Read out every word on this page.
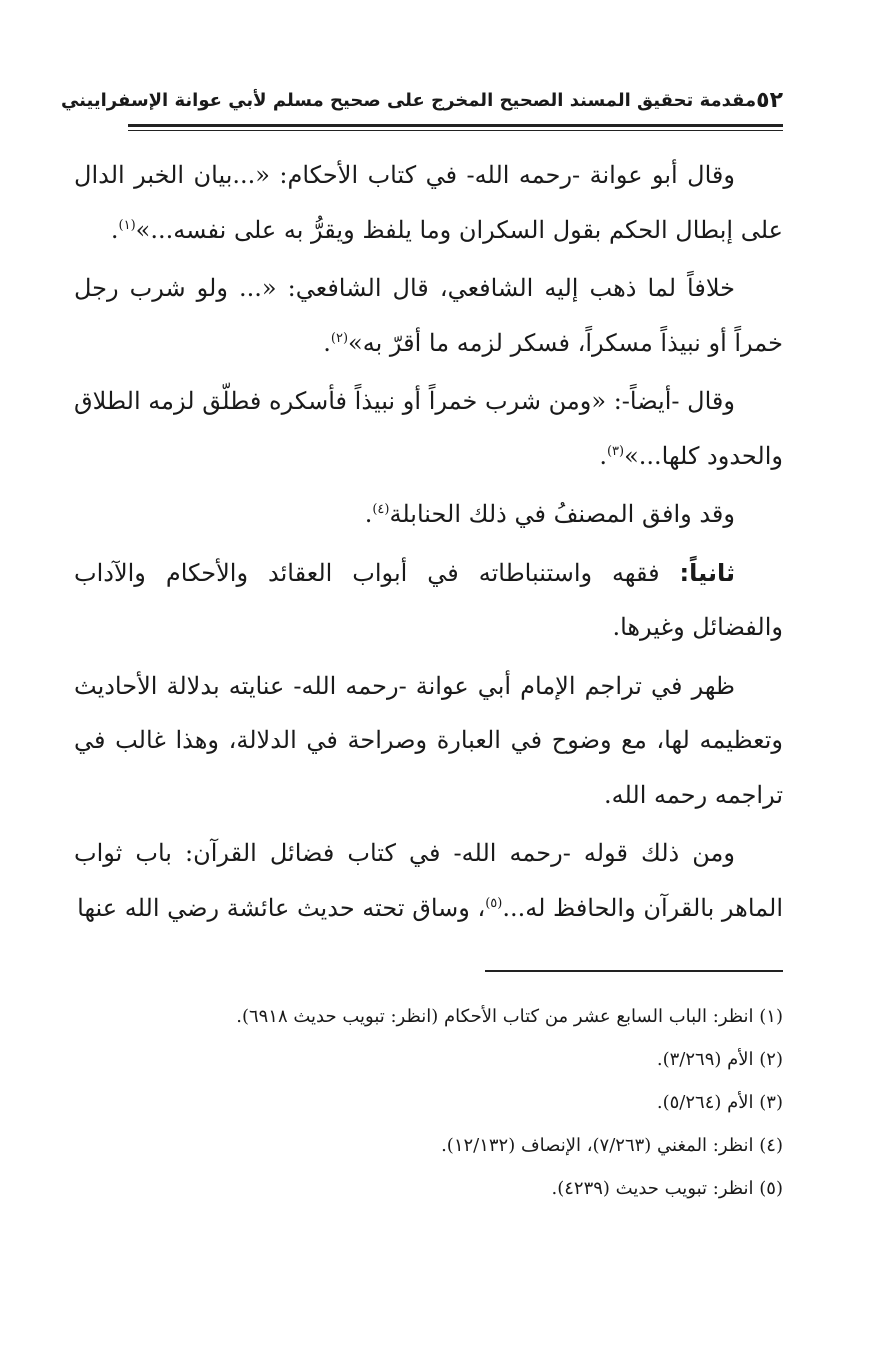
٥٢
مقدمة تحقيق المسند الصحيح المخرج على صحيح مسلم لأبي عوانة الإسفراييني

وقال أبو عوانة -رحمه الله- في كتاب الأحكام: «...بيان الخبر الدال على إبطال الحكم بقول السكران وما يلفظ ويقرُّ به على نفسه...»$^{(١)}$.

خلافاً لما ذهب إليه الشافعي، قال الشافعي: «... ولو شرب رجل خمراً أو نبيذاً مسكراً، فسكر لزمه ما أقرّ به»$^{(٢)}$.

وقال -أيضاً-: «ومن شرب خمراً أو نبيذاً فأسكره فطلّق لزمه الطلاق والحدود كلها...»$^{(٣)}$.

وقد وافق المصنفُ في ذلك الحنابلة$^{(٤)}$.

ثانياً: فقهه واستنباطاته في أبواب العقائد والأحكام والآداب والفضائل وغيرها.

ظهر في تراجم الإمام أبي عوانة -رحمه الله- عنايته بدلالة الأحاديث وتعظيمه لها، مع وضوح في العبارة وصراحة في الدلالة، وهذا غالب في تراجمه رحمه الله.

ومن ذلك قوله -رحمه الله- في كتاب فضائل القرآن: باب ثواب الماهر بالقرآن والحافظ له...$^{(٥)}$، وساق تحته حديث عائشة رضي الله عنها

(١) انظر: الباب السابع عشر من كتاب الأحكام (انظر: تبويب حديث ٦٩١٨).

(٢) الأم (٣/٢٦٩).

(٣) الأم (٥/٢٦٤).

(٤) انظر: المغني (٧/٢٦٣)، الإنصاف (١٢/١٣٢).

(٥) انظر: تبويب حديث (٤٢٣٩).
